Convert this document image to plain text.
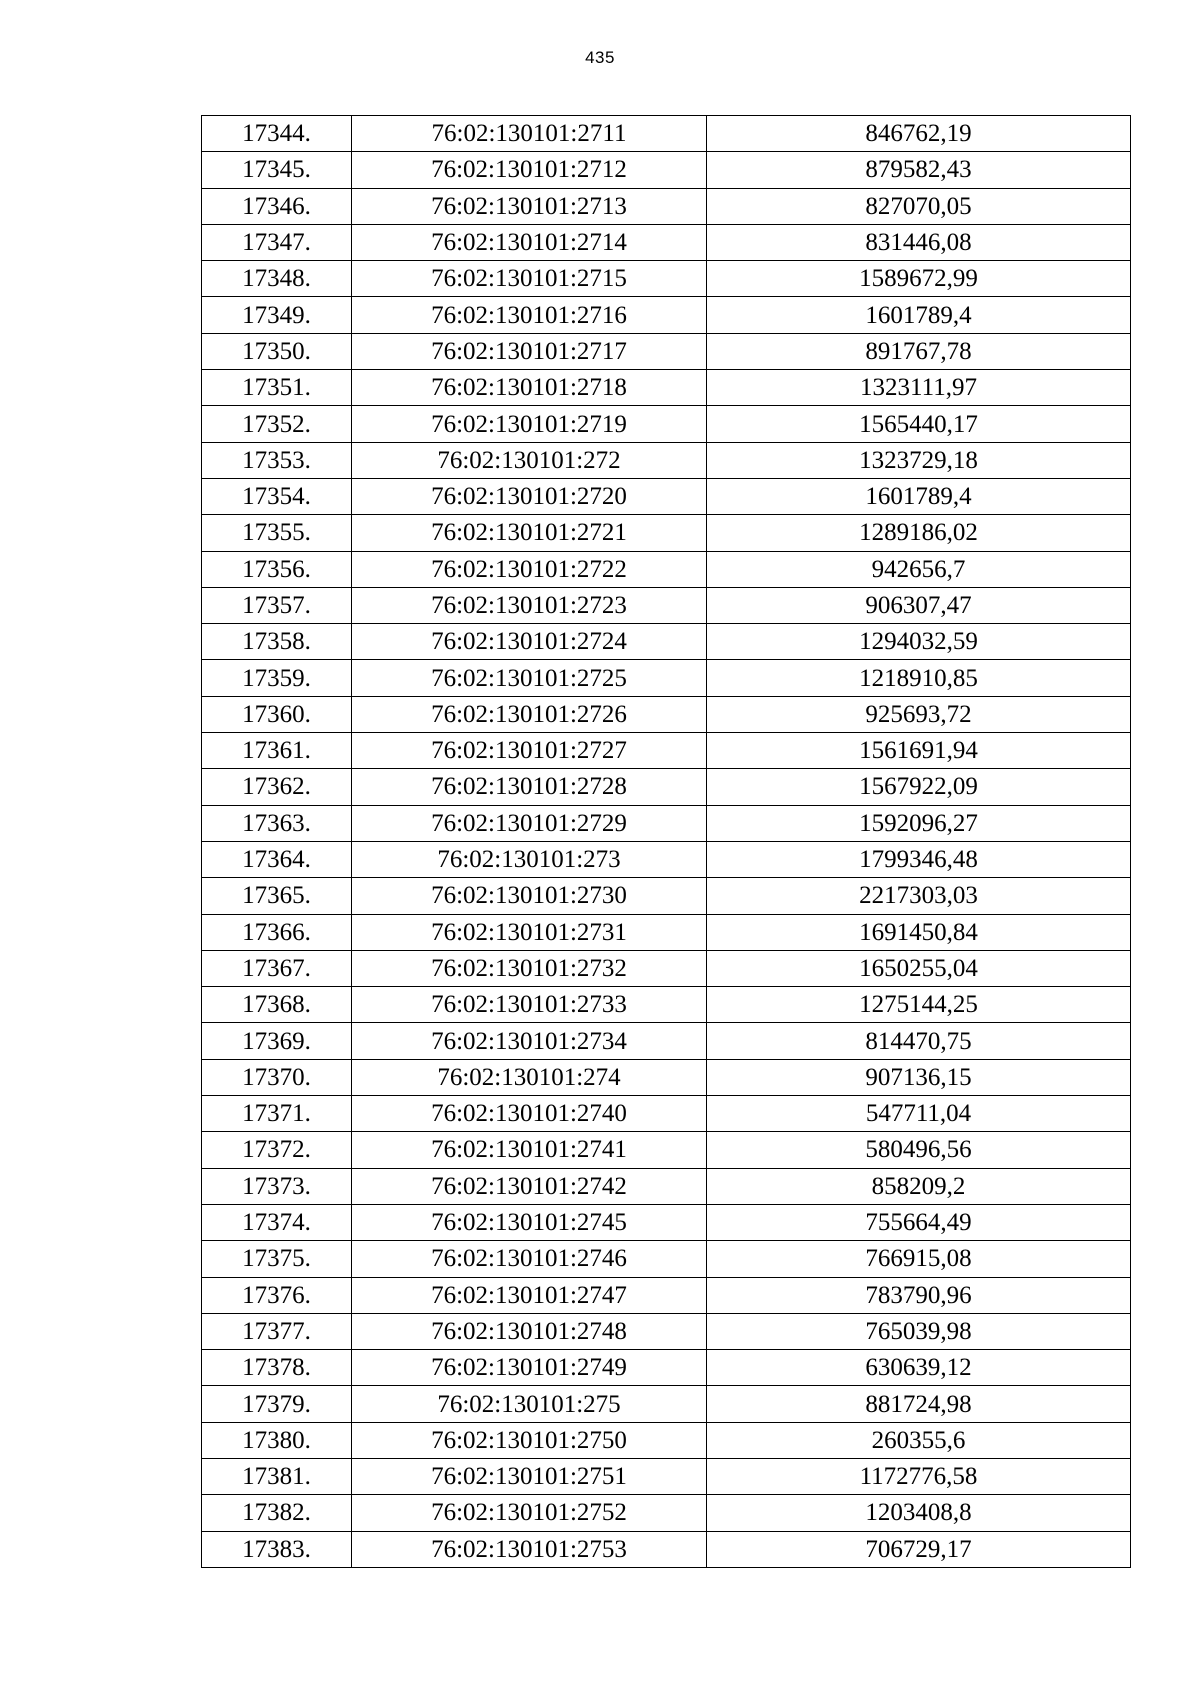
435
17344.	76:02:130101:2711	846762,19
17345.	76:02:130101:2712	879582,43
17346.	76:02:130101:2713	827070,05
17347.	76:02:130101:2714	831446,08
17348.	76:02:130101:2715	1589672,99
17349.	76:02:130101:2716	1601789,4
17350.	76:02:130101:2717	891767,78
17351.	76:02:130101:2718	1323111,97
17352.	76:02:130101:2719	1565440,17
17353.	76:02:130101:272	1323729,18
17354.	76:02:130101:2720	1601789,4
17355.	76:02:130101:2721	1289186,02
17356.	76:02:130101:2722	942656,7
17357.	76:02:130101:2723	906307,47
17358.	76:02:130101:2724	1294032,59
17359.	76:02:130101:2725	1218910,85
17360.	76:02:130101:2726	925693,72
17361.	76:02:130101:2727	1561691,94
17362.	76:02:130101:2728	1567922,09
17363.	76:02:130101:2729	1592096,27
17364.	76:02:130101:273	1799346,48
17365.	76:02:130101:2730	2217303,03
17366.	76:02:130101:2731	1691450,84
17367.	76:02:130101:2732	1650255,04
17368.	76:02:130101:2733	1275144,25
17369.	76:02:130101:2734	814470,75
17370.	76:02:130101:274	907136,15
17371.	76:02:130101:2740	547711,04
17372.	76:02:130101:2741	580496,56
17373.	76:02:130101:2742	858209,2
17374.	76:02:130101:2745	755664,49
17375.	76:02:130101:2746	766915,08
17376.	76:02:130101:2747	783790,96
17377.	76:02:130101:2748	765039,98
17378.	76:02:130101:2749	630639,12
17379.	76:02:130101:275	881724,98
17380.	76:02:130101:2750	260355,6
17381.	76:02:130101:2751	1172776,58
17382.	76:02:130101:2752	1203408,8
17383.	76:02:130101:2753	706729,17
